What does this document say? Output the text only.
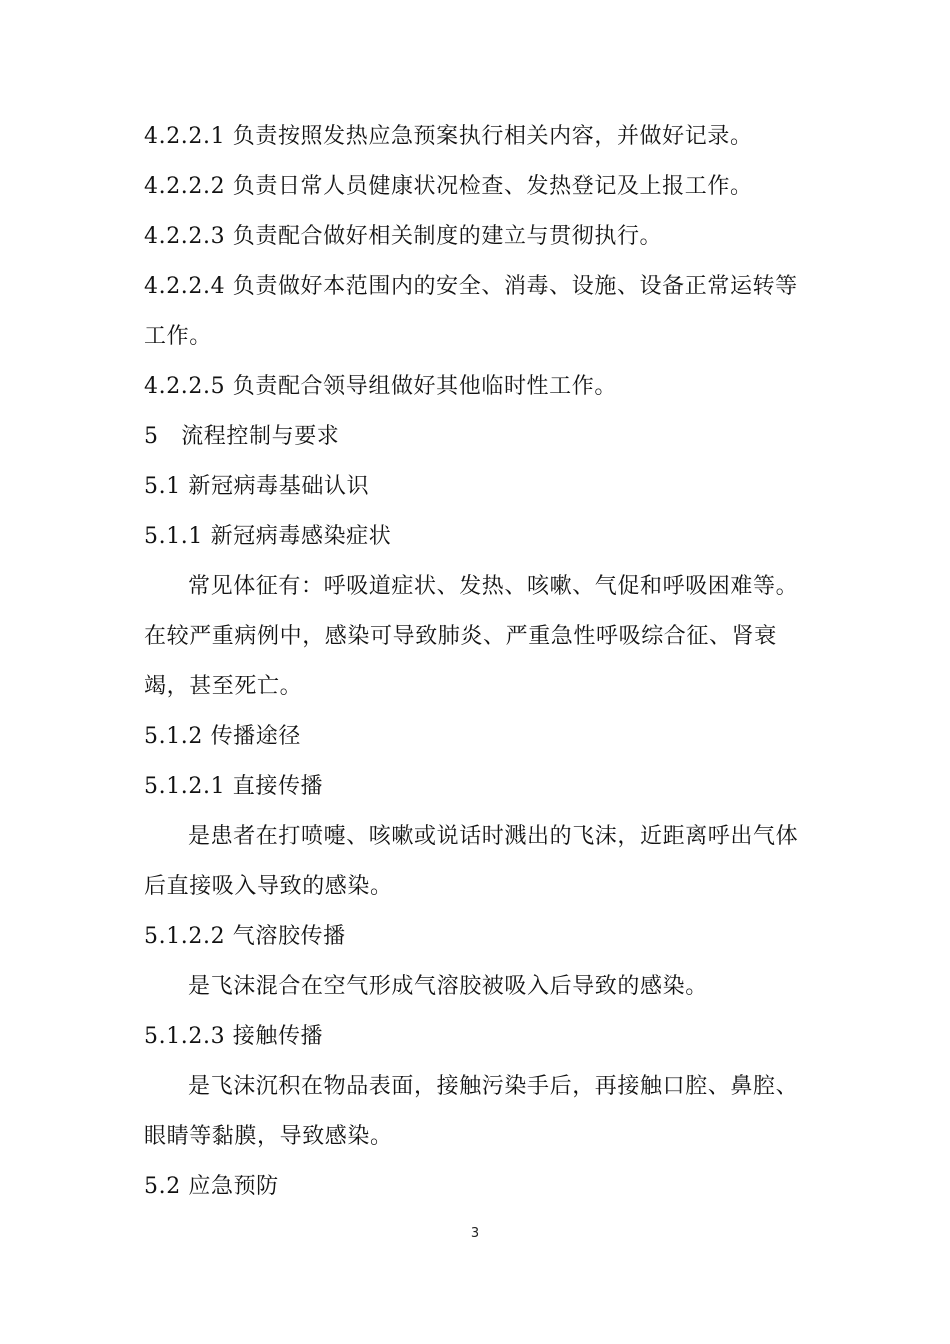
4.2.2.1 负责按照发热应急预案执行相关内容，并做好记录。

4.2.2.2 负责日常人员健康状况检查、发热登记及上报工作。

4.2.2.3 负责配合做好相关制度的建立与贯彻执行。

4.2.2.4 负责做好本范围内的安全、消毒、设施、设备正常运转等工作。

4.2.2.5 负责配合领导组做好其他临时性工作。

5　流程控制与要求

5.1 新冠病毒基础认识

5.1.1 新冠病毒感染症状

常见体征有：呼吸道症状、发热、咳嗽、气促和呼吸困难等。在较严重病例中，感染可导致肺炎、严重急性呼吸综合征、肾衰竭，甚至死亡。

5.1.2 传播途径

5.1.2.1 直接传播

是患者在打喷嚏、咳嗽或说话时溅出的飞沫，近距离呼出气体后直接吸入导致的感染。

5.1.2.2 气溶胶传播

是飞沫混合在空气形成气溶胶被吸入后导致的感染。

5.1.2.3 接触传播

是飞沫沉积在物品表面，接触污染手后，再接触口腔、鼻腔、眼睛等黏膜，导致感染。

5.2 应急预防

3
